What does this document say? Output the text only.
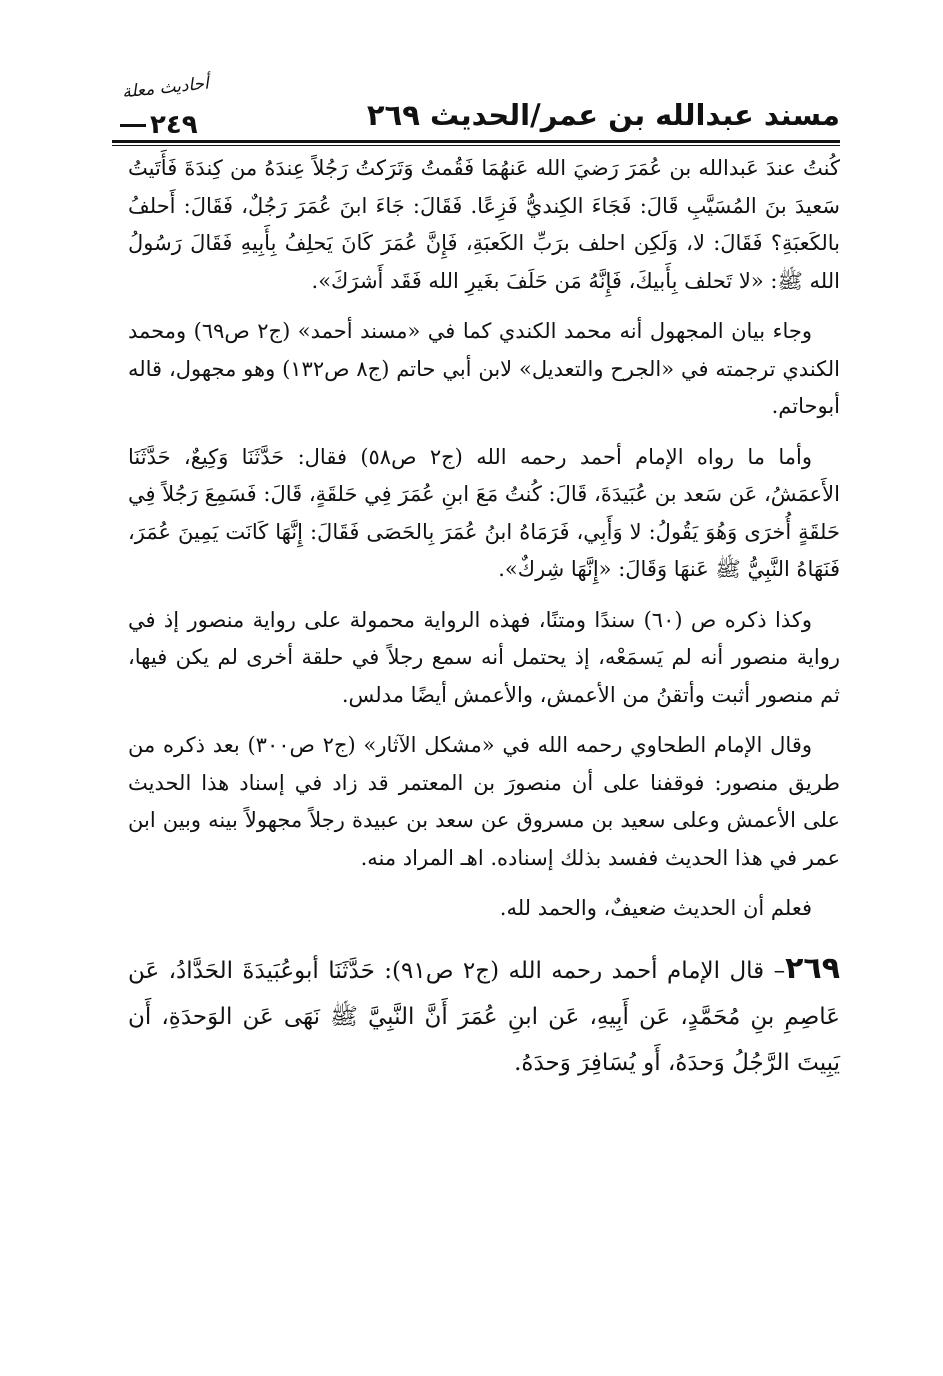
مسند عبدالله بن عمر/الحديث ٢٦٩
أحاديث معلة
٢٤٩

كُنتُ عندَ عَبدالله بن عُمَرَ رَضيَ الله عَنهُمَا فَقُمتُ وَتَرَكتُ رَجُلاً عِندَهُ من كِندَةَ فَأَتَيتُ سَعيدَ بنَ المُسَيَّبِ قَالَ: فَجَاءَ الكِنديُّ فَزِعًا. فَقَالَ: جَاءَ ابنَ عُمَرَ رَجُلٌ، فَقَالَ: أَحلفُ بالكَعبَةِ؟ فَقَالَ: لا، وَلَكِن احلف برَبِّ الكَعبَةِ، فَإِنَّ عُمَرَ كَانَ يَحلِفُ بِأَبِيهِ فَقَالَ رَسُولُ الله ﷺ: «لا تَحلف بِأَبيكَ، فَإِنَّهُ مَن حَلَفَ بغَيرِ الله فَقَد أَشرَكَ».

وجاء بيان المجهول أنه محمد الكندي كما في «مسند أحمد» (ج٢ ص٦٩) ومحمد الكندي ترجمته في «الجرح والتعديل» لابن أبي حاتم (ج٨ ص١٣٢) وهو مجهول، قاله أبوحاتم.

وأما ما رواه الإمام أحمد رحمه الله (ج٢ ص٥٨) فقال: حَدَّثَنَا وَكِيعٌ، حَدَّثَنَا الأَعمَشُ، عَن سَعد بن عُبَيدَةَ، قَالَ: كُنتُ مَعَ ابنِ عُمَرَ فِي حَلقَةٍ، قَالَ: فَسَمِعَ رَجُلاً فِي حَلقَةٍ أُخرَى وَهُوَ يَقُولُ: لا وَأَبِي، فَرَمَاهُ ابنُ عُمَرَ بِالحَصَى فَقَالَ: إِنَّهَا كَانَت يَمِينَ عُمَرَ، فَنَهَاهُ النَّبِيُّ ﷺ عَنهَا وَقَالَ: «إِنَّهَا شِركٌ».

وكذا ذكره ص (٦٠) سندًا ومتنًا، فهذه الرواية محمولة على رواية منصور إذ في رواية منصور أنه لم يَسمَعْه، إذ يحتمل أنه سمع رجلاً في حلقة أخرى لم يكن فيها، ثم منصور أثبت وأتقنُ من الأعمش، والأعمش أيضًا مدلس.

وقال الإمام الطحاوي رحمه الله في «مشكل الآثار» (ج٢ ص٣٠٠) بعد ذكره من طريق منصور: فوقفنا على أن منصورَ بن المعتمر قد زاد في إسناد هذا الحديث على الأعمش وعلى سعيد بن مسروق عن سعد بن عبيدة رجلاً مجهولاً بينه وبين ابن عمر في هذا الحديث ففسد بذلك إسناده. اهـ المراد منه.

فعلم أن الحديث ضعيفٌ، والحمد لله.

٢٦٩– قال الإمام أحمد رحمه الله (ج٢ ص٩١): حَدَّثَنَا أبوعُبَيدَةَ الحَدَّادُ، عَن عَاصِمِ بنِ مُحَمَّدٍ، عَن أَبِيهِ، عَن ابنِ عُمَرَ أَنَّ النَّبِيَّ ﷺ نَهَى عَن الوَحدَةِ، أَن يَبِيتَ الرَّجُلُ وَحدَهُ، أَو يُسَافِرَ وَحدَهُ.
